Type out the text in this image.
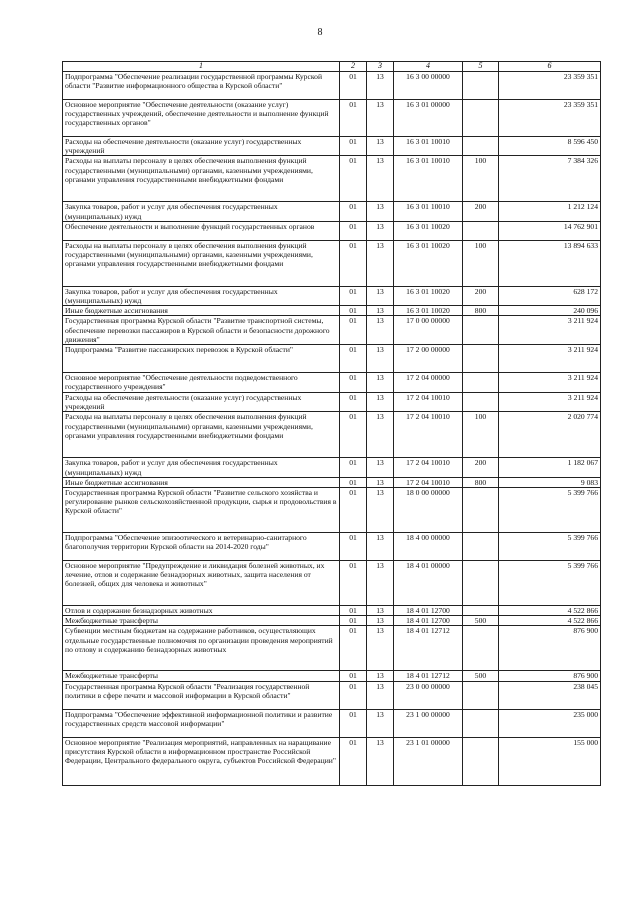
8
1	2	3	4	5	6
Подпрограмма "Обеспечение реализации государственной программы Курской области "Развитие информационного общества в Курской области"	01	13	16 3 00 00000		23 359 351
Основное мероприятие "Обеспечение деятельности (оказание услуг) государственных учреждений, обеспечение деятельности и выполнение функций государственных органов"	01	13	16 3 01 00000		23 359 351
Расходы на обеспечение деятельности (оказание услуг) государственных учреждений	01	13	16 3 01 10010		8 596 450
Расходы на выплаты персоналу в целях обеспечения выполнения функций государственными (муниципальными) органами, казенными учреждениями, органами управления государственными внебюджетными фондами	01	13	16 3 01 10010	100	7 384 326
Закупка товаров, работ и услуг для обеспечения государственных (муниципальных) нужд	01	13	16 3 01 10010	200	1 212 124
Обеспечение деятельности и выполнение функций государственных органов	01	13	16 3 01 10020		14 762 901
Расходы на выплаты персоналу в целях обеспечения выполнения функций государственными (муниципальными) органами, казенными учреждениями, органами управления государственными внебюджетными фондами	01	13	16 3 01 10020	100	13 894 633
Закупка товаров, работ и услуг для обеспечения государственных (муниципальных) нужд	01	13	16 3 01 10020	200	628 172
Иные бюджетные ассигнования	01	13	16 3 01 10020	800	240 096
Государственная программа Курской области "Развитие транспортной системы, обеспечение перевозки пассажиров в Курской области и безопасности дорожного движения"	01	13	17 0 00 00000		3 211 924
Подпрограмма "Развитие пассажирских перевозок в Курской области"	01	13	17 2 00 00000		3 211 924
Основное мероприятие "Обеспечение деятельности подведомственного государственного учреждения"	01	13	17 2 04 00000		3 211 924
Расходы на обеспечение деятельности (оказание услуг) государственных учреждений	01	13	17 2 04 10010		3 211 924
Расходы на выплаты персоналу в целях обеспечения выполнения функций государственными (муниципальными) органами, казенными учреждениями, органами управления государственными внебюджетными фондами	01	13	17 2 04 10010	100	2 020 774
Закупка товаров, работ и услуг для обеспечения государственных (муниципальных) нужд	01	13	17 2 04 10010	200	1 182 067
Иные бюджетные ассигнования	01	13	17 2 04 10010	800	9 083
Государственная программа Курской области "Развитие сельского хозяйства и регулирование рынков сельскохозяйственной продукции, сырья и продовольствия в Курской области"	01	13	18 0 00 00000		5 399 766
Подпрограмма "Обеспечение эпизоотического и ветеринарно-санитарного благополучия территории Курской области на 2014-2020 годы"	01	13	18 4 00 00000		5 399 766
Основное мероприятие "Предупреждение и ликвидация болезней животных, их лечение, отлов и содержание безнадзорных животных, защита населения от болезней, общих для человека и животных"	01	13	18 4 01 00000		5 399 766
Отлов и содержание безнадзорных животных	01	13	18 4 01 12700		4 522 866
Межбюджетные трансферты	01	13	18 4 01 12700	500	4 522 866
Субвенции местным бюджетам на содержание работников, осуществляющих отдельные государственные полномочия по организации проведения мероприятий по отлову и содержанию безнадзорных животных	01	13	18 4 01 12712		876 900
Межбюджетные трансферты	01	13	18 4 01 12712	500	876 900
Государственная программа Курской области "Реализация государственной политики в сфере печати и массовой информации в Курской области"	01	13	23 0 00 00000		238 045
Подпрограмма "Обеспечение эффективной информационной политики и развитие государственных средств массовой информации"	01	13	23 1 00 00000		235 000
Основное мероприятие "Реализация мероприятий, направленных на наращивание присутствия Курской области в информационном пространстве Российской Федерации, Центрального федерального округа, субъектов Российской Федерации"	01	13	23 1 01 00000		155 000
